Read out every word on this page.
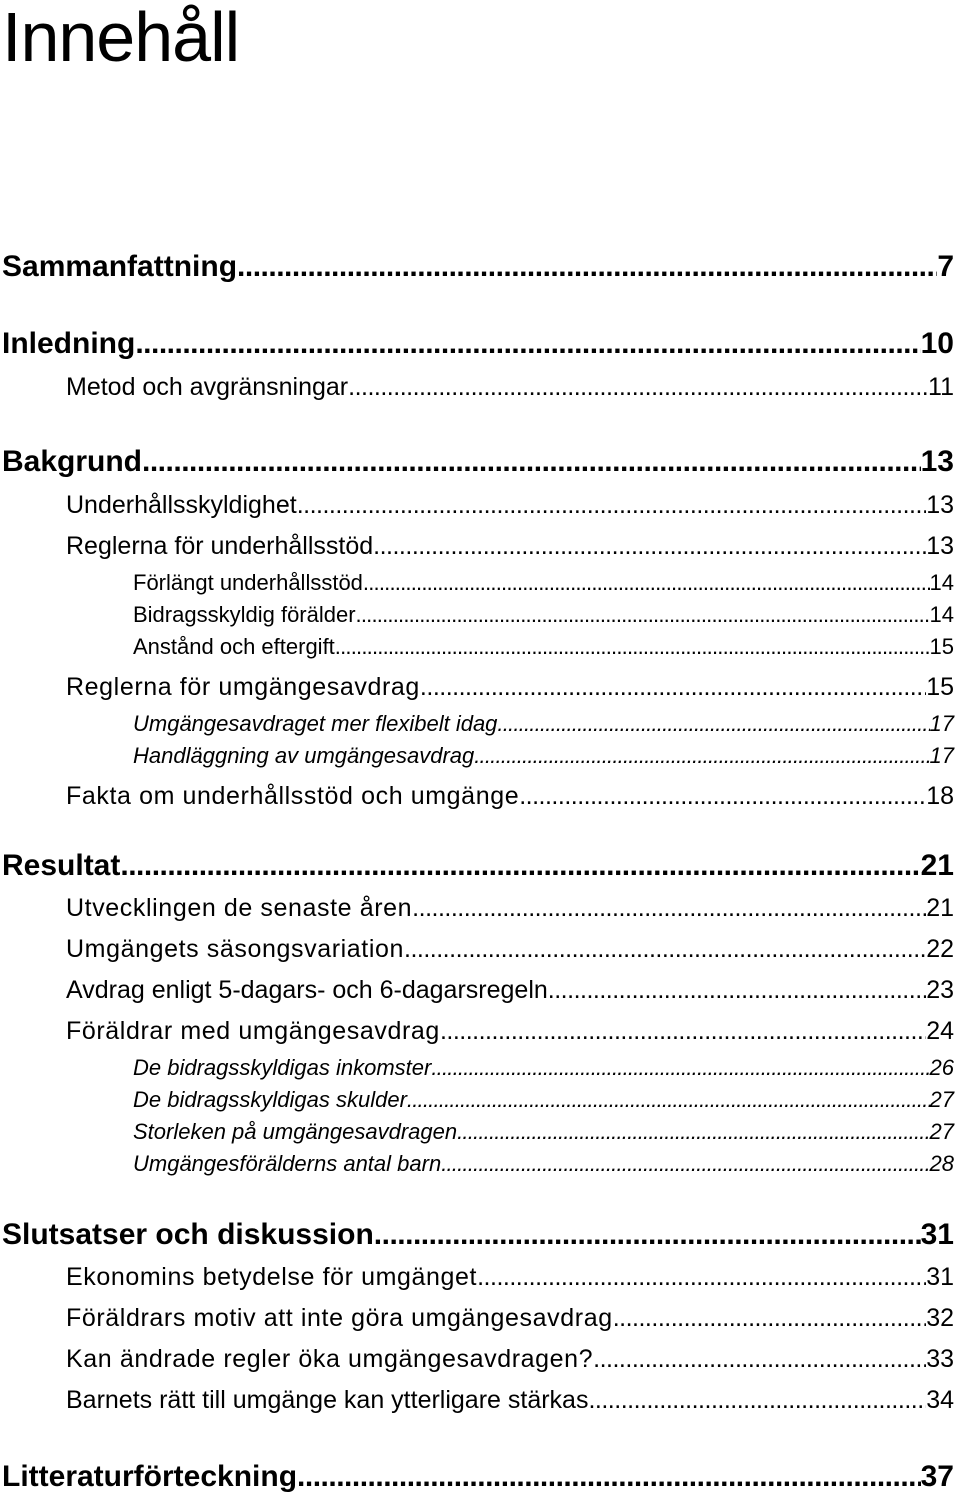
Innehåll
Sammanfattning .....	7
Inledning .....	10
Metod och avgränsningar .....	11
Bakgrund .....	13
Underhållsskyldighet .....	13
Reglerna för underhållsstöd .....	13
Förlängt underhållsstöd .....	14
Bidragsskyldig förälder .....	14
Anstånd och eftergift .....	15
Reglerna för umgängesavdrag .....	15
Umgängesavdraget mer flexibelt idag .....	17
Handläggning av umgängesavdrag .....	17
Fakta om underhållsstöd och umgänge .....	18
Resultat .....	21
Utvecklingen de senaste åren .....	21
Umgängets säsongsvariation .....	22
Avdrag enligt 5-dagars- och 6-dagarsregeln .....	23
Föräldrar med umgängesavdrag .....	24
De bidragsskyldigas inkomster .....	26
De bidragsskyldigas skulder .....	27
Storleken på umgängesavdragen .....	27
Umgängesförälderns antal barn .....	28
Slutsatser och diskussion .....	31
Ekonomins betydelse för umgänget .....	31
Föräldrars motiv att inte göra umgängesavdrag .....	32
Kan ändrade regler öka umgängesavdragen? .....	33
Barnets rätt till umgänge kan ytterligare stärkas .....	34
Litteraturförteckning .....	37
